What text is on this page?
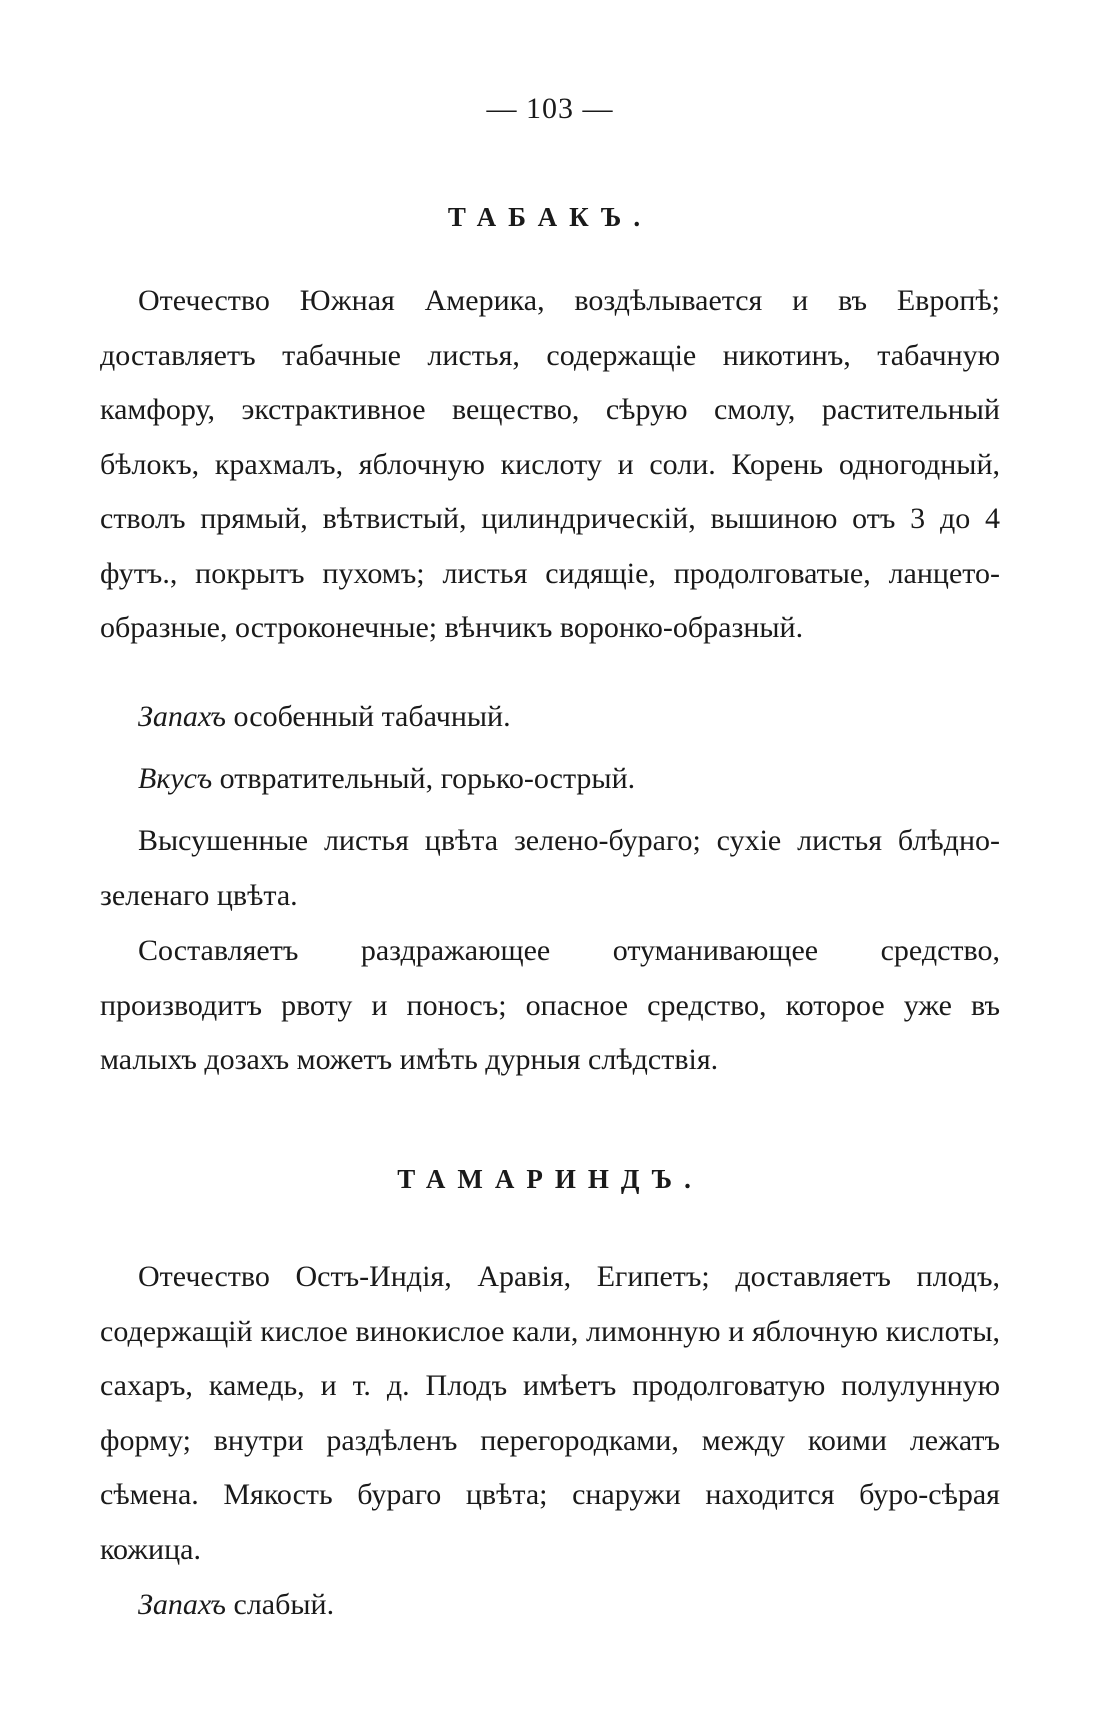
— 103 —
ТАБАКЪ.

Отечество Южная Америка, воздѣлывается и въ Европѣ; доставляетъ табачные листья, содержащіе никотинъ, табачную камфору, экстрактивное вещество, сѣрую смолу, растительный бѣлокъ, крахмалъ, яблочную кислоту и соли. Корень одногодный, стволъ прямый, вѣтвистый, цилиндрическій, вышиною отъ 3 до 4 футъ., покрытъ пухомъ; листья сидящіе, продолговатые, ланцето-образные, остроконечные; вѣнчикъ воронко-образный.

Запахъ особенный табачный.

Вкусъ отвратительный, горько-острый.

Высушенные листья цвѣта зелено-бураго; сухіе листья блѣдно-зеленаго цвѣта.

Составляетъ раздражающее отуманивающее средство, производитъ рвоту и поносъ; опасное средство, которое уже въ малыхъ дозахъ можетъ имѣть дурныя слѣдствія.

ТАМАРИНДЪ.

Отечество Остъ-Индія, Аравія, Египетъ; доставляетъ плодъ, содержащій кислое винокислое кали, лимонную и яблочную кислоты, сахаръ, камедь, и т. д. Плодъ имѣетъ продолговатую полулунную форму; внутри раздѣленъ перегородками, между коими лежатъ сѣмена. Мякость бураго цвѣта; снаружи находится буро-сѣрая кожица.

Запахъ слабый.
